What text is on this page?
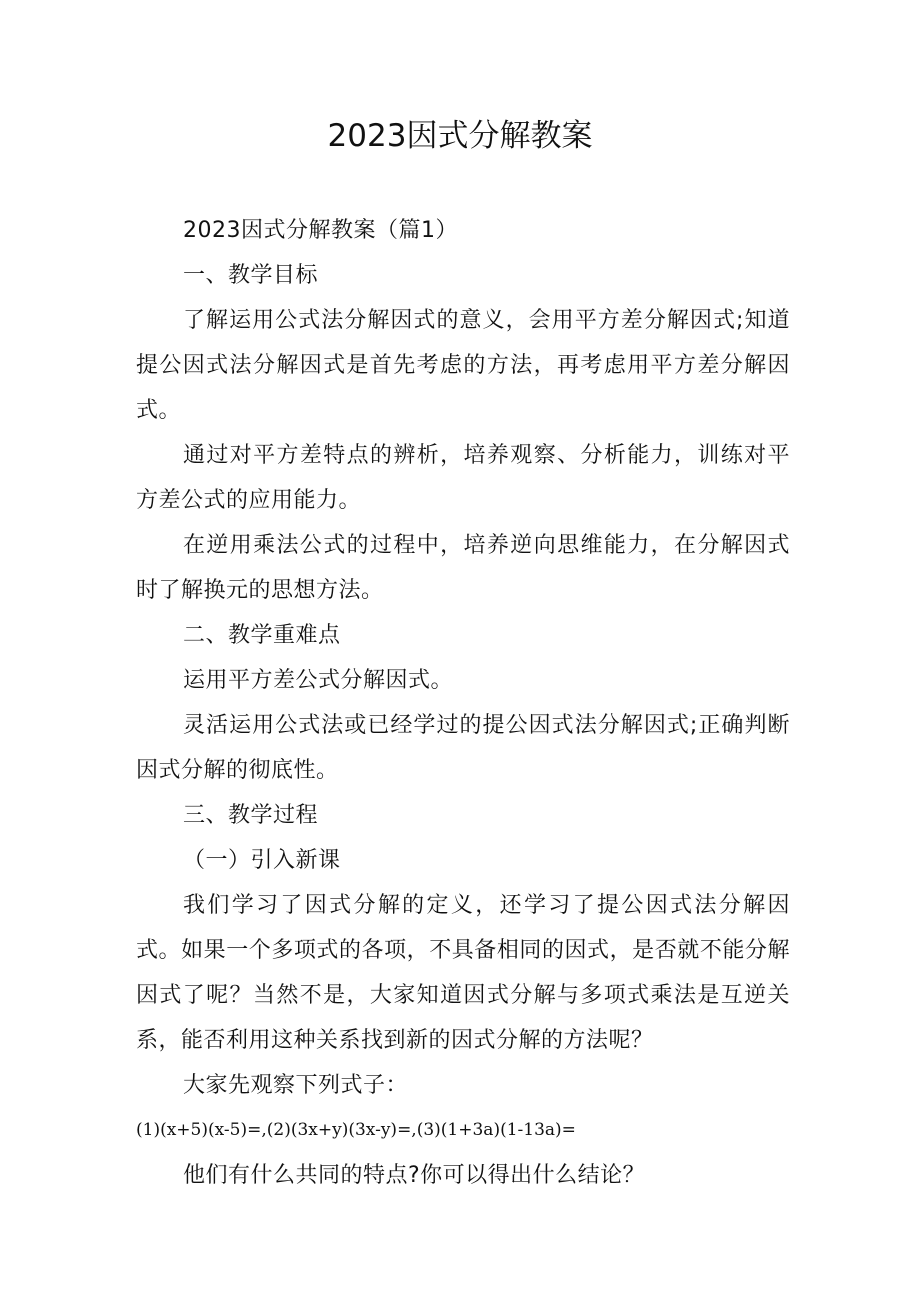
2023因式分解教案

2023因式分解教案（篇1）

一、教学目标

了解运用公式法分解因式的意义，会用平方差分解因式;知道提公因式法分解因式是首先考虑的方法，再考虑用平方差分解因式。

通过对平方差特点的辨析，培养观察、分析能力，训练对平方差公式的应用能力。

在逆用乘法公式的过程中，培养逆向思维能力，在分解因式时了解换元的思想方法。

二、教学重难点

运用平方差公式分解因式。

灵活运用公式法或已经学过的提公因式法分解因式;正确判断因式分解的彻底性。

三、教学过程

（一）引入新课

我们学习了因式分解的定义，还学习了提公因式法分解因式。如果一个多项式的各项，不具备相同的因式，是否就不能分解因式了呢？当然不是，大家知道因式分解与多项式乘法是互逆关系，能否利用这种关系找到新的因式分解的方法呢？

大家先观察下列式子：

(1)(x+5)(x-5)=,(2)(3x+y)(3x-y)=,(3)(1+3a)(1-13a)=

他们有什么共同的特点?你可以得出什么结论？
